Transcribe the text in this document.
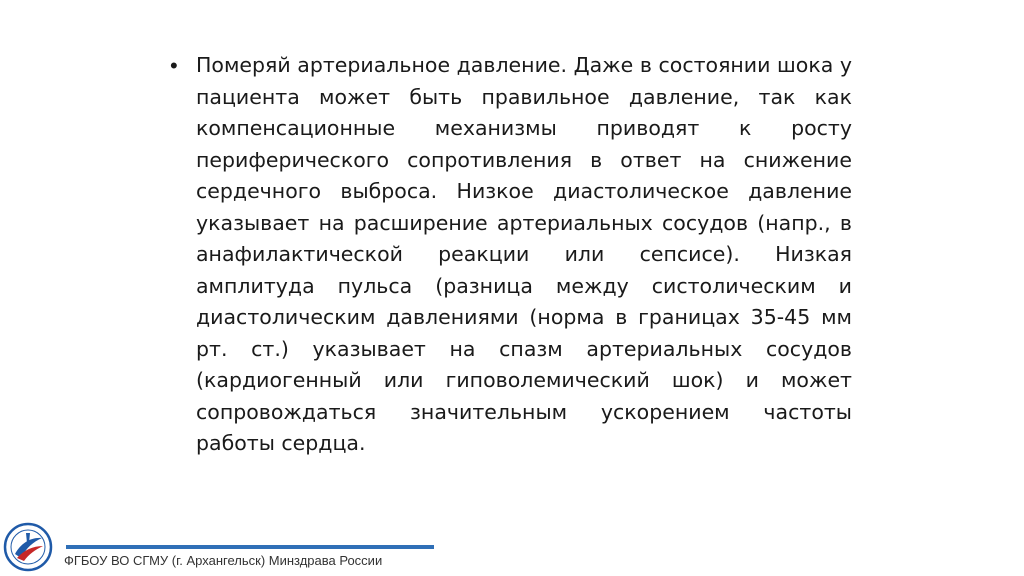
• Померяй артериальное давление. Даже в состоянии шока у пациента может быть правильное давление, так как компенсационные механизмы приводят к росту периферического сопротивления в ответ на снижение сердечного выброса. Низкое диастолическое давление указывает на расширение артериальных сосудов (напр., в анафилактической реакции или сепсисе). Низкая амплитуда пульса (разница между систолическим и диастолическим давлениями (норма в границах 35-45 мм рт. ст.) указывает на спазм артериальных сосудов (кардиогенный или гиповолемический шок) и может сопровождаться значительным ускорением частоты работы сердца.

ФГБОУ ВО СГМУ (г. Архангельск) Минздрава России
